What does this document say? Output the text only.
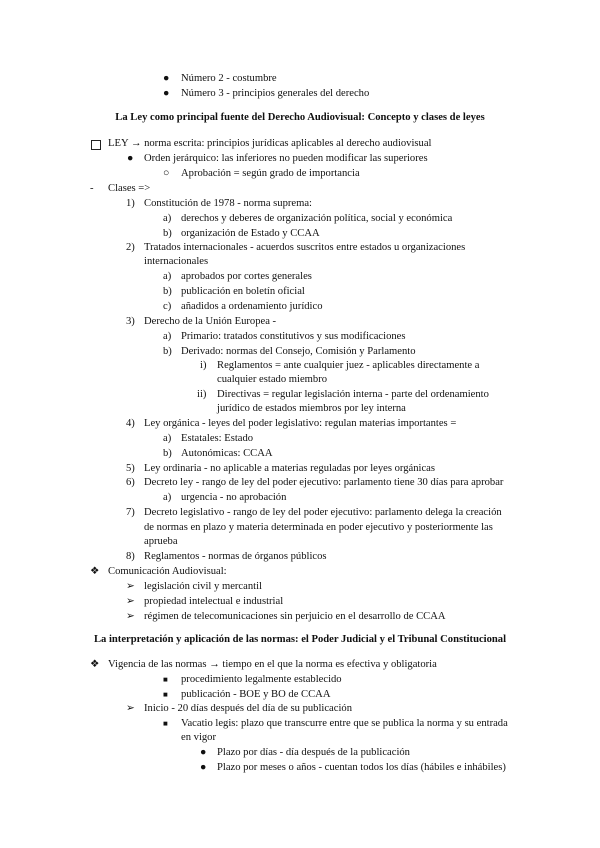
● Número 2 - costumbre
● Número 3 - principios generales del derecho
La Ley como principal fuente del Derecho Audiovisual: Concepto y clases de leyes
LEY → norma escrita: principios jurídicas aplicables al derecho audiovisual
● Orden jerárquico: las inferiores no pueden modificar las superiores
○ Aprobación = según grado de importancia
- Clases =>
1) Constitución de 1978 - norma suprema:
a) derechos y deberes de organización política, social y económica
b) organización de Estado y CCAA
2) Tratados internacionales - acuerdos suscritos entre estados u organizaciones
internacionales
a) aprobados por cortes generales
b) publicación en boletín oficial
c) añadidos a ordenamiento jurídico
3) Derecho de la Unión Europea -
a) Primario: tratados constitutivos y sus modificaciones
b) Derivado: normas del Consejo, Comisión y Parlamento
i) Reglamentos = ante cualquier juez - aplicables directamente a
cualquier estado miembro
ii) Directivas = regular legislación interna - parte del ordenamiento
jurídico de estados miembros por ley interna
4) Ley orgánica - leyes del poder legislativo: regulan materias importantes =
a) Estatales: Estado
b) Autonómicas: CCAA
5) Ley ordinaria - no aplicable a materias reguladas por leyes orgánicas
6) Decreto ley - rango de ley del poder ejecutivo: parlamento tiene 30 días para aprobar
a) urgencia - no aprobación
7) Decreto legislativo - rango de ley del poder ejecutivo: parlamento delega la creación
de normas en plazo y materia determinada en poder ejecutivo y posteriormente las
aprueba
8) Reglamentos - normas de órganos públicos
❖ Comunicación Audiovisual:
➢ legislación civil y mercantil
➢ propiedad intelectual e industrial
➢ régimen de telecomunicaciones sin perjuicio en el desarrollo de CCAA
La interpretación y aplicación de las normas: el Poder Judicial y el Tribunal Constitucional
❖ Vigencia de las normas → tiempo en el que la norma es efectiva y obligatoria
■ procedimiento legalmente establecido
■ publicación - BOE y BO de CCAA
➢ Inicio - 20 días después del día de su publicación
■ Vacatio legis: plazo que transcurre entre que se publica la norma y su entrada
en vigor
● Plazo por días - día después de la publicación
● Plazo por meses o años - cuentan todos los días (hábiles e inhábiles)
